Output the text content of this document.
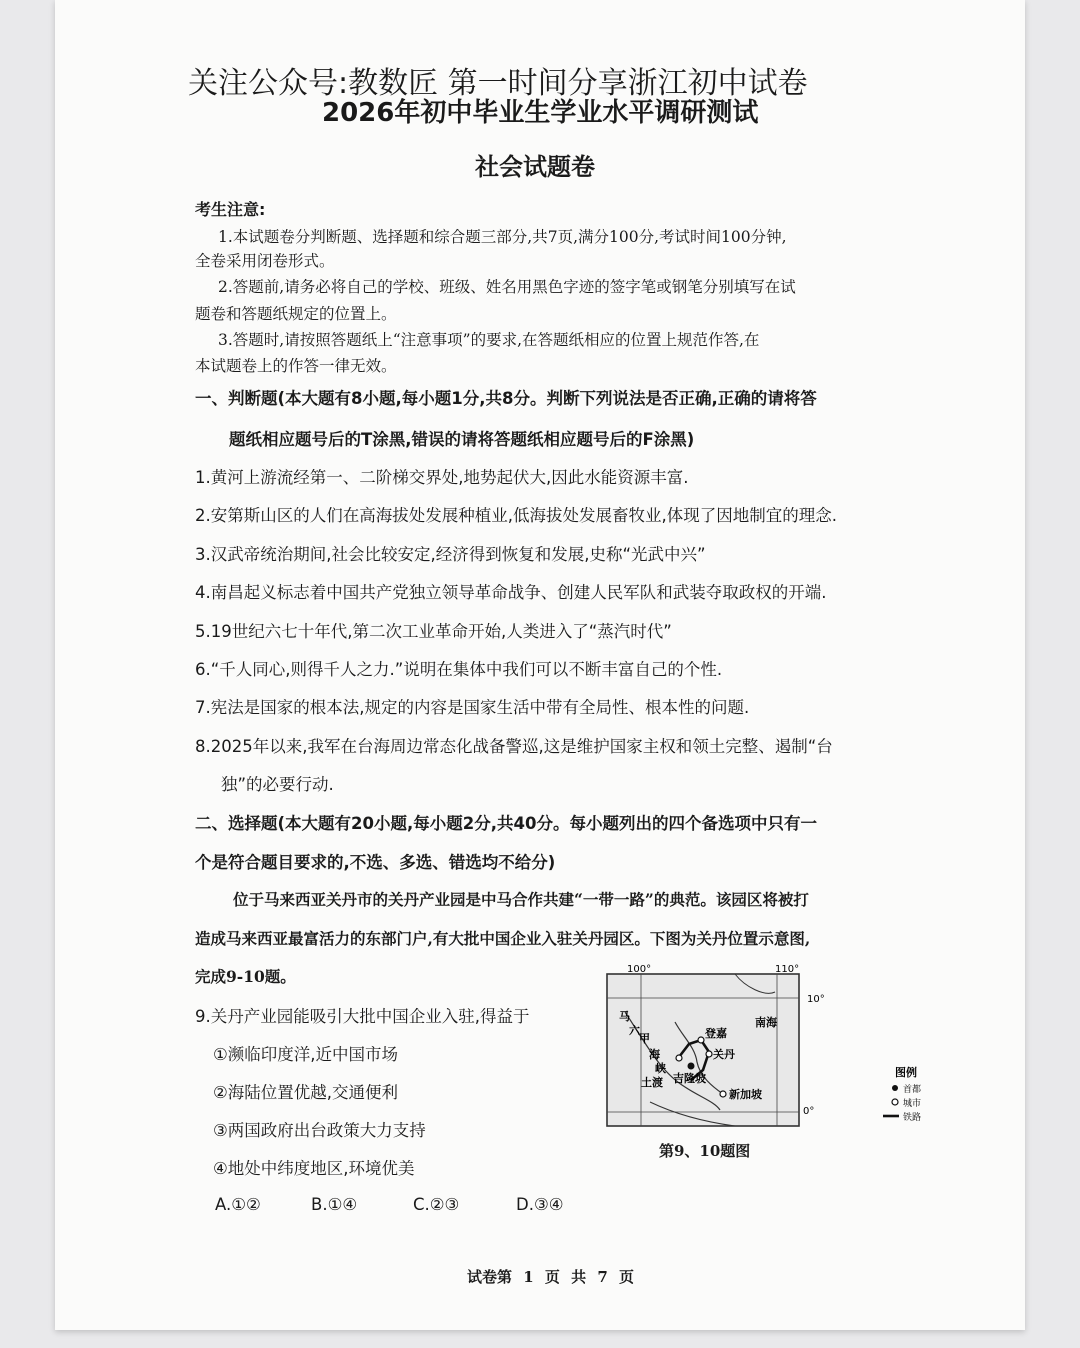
关注公众号:教数匠 第一时间分享浙江初中试卷
2026年初中毕业生学业水平调研测试
社会试题卷
考生注意:
1.本试题卷分判断题、选择题和综合题三部分,共7页,满分100分,考试时间100分钟,
全卷采用闭卷形式。
2.答题前,请务必将自己的学校、班级、姓名用黑色字迹的签字笔或钢笔分别填写在试
题卷和答题纸规定的位置上。
3.答题时,请按照答题纸上“注意事项”的要求,在答题纸相应的位置上规范作答,在
本试题卷上的作答一律无效。
一、判断题(本大题有8小题,每小题1分,共8分。判断下列说法是否正确,正确的请将答
题纸相应题号后的T涂黑,错误的请将答题纸相应题号后的F涂黑)
1.黄河上游流经第一、二阶梯交界处,地势起伏大,因此水能资源丰富.
2.安第斯山区的人们在高海拔处发展种植业,低海拔处发展畜牧业,体现了因地制宜的理念.
3.汉武帝统治期间,社会比较安定,经济得到恢复和发展,史称“光武中兴”
4.南昌起义标志着中国共产党独立领导革命战争、创建人民军队和武装夺取政权的开端.
5.19世纪六七十年代,第二次工业革命开始,人类进入了“蒸汽时代”
6.“千人同心,则得千人之力.”说明在集体中我们可以不断丰富自己的个性.
7.宪法是国家的根本法,规定的内容是国家生活中带有全局性、根本性的问题.
8.2025年以来,我军在台海周边常态化战备警巡,这是维护国家主权和领土完整、遏制“台
独”的必要行动.
二、选择题(本大题有20小题,每小题2分,共40分。每小题列出的四个备选项中只有一
个是符合题目要求的,不选、多选、错选均不给分)
位于马来西亚关丹市的关丹产业园是中马合作共建“一带一路”的典范。该园区将被打
造成马来西亚最富活力的东部门户,有大批中国企业入驻关丹园区。下图为关丹位置示意图,
完成9-10题。
9.关丹产业园能吸引大批中国企业入驻,得益于
①濒临印度洋,近中国市场
②海陆位置优越,交通便利
③两国政府出台政策大力支持
④地处中纬度地区,环境优美
A.①②	B.①④	C.②③	D.③④
100°	110°
10°
0°
马
六
甲
海
峡
登嘉
关丹
吉隆坡
新加坡
南海
土渡
图例
首都
城市
铁路
第9、10题图
试卷第 1 页 共 7 页
